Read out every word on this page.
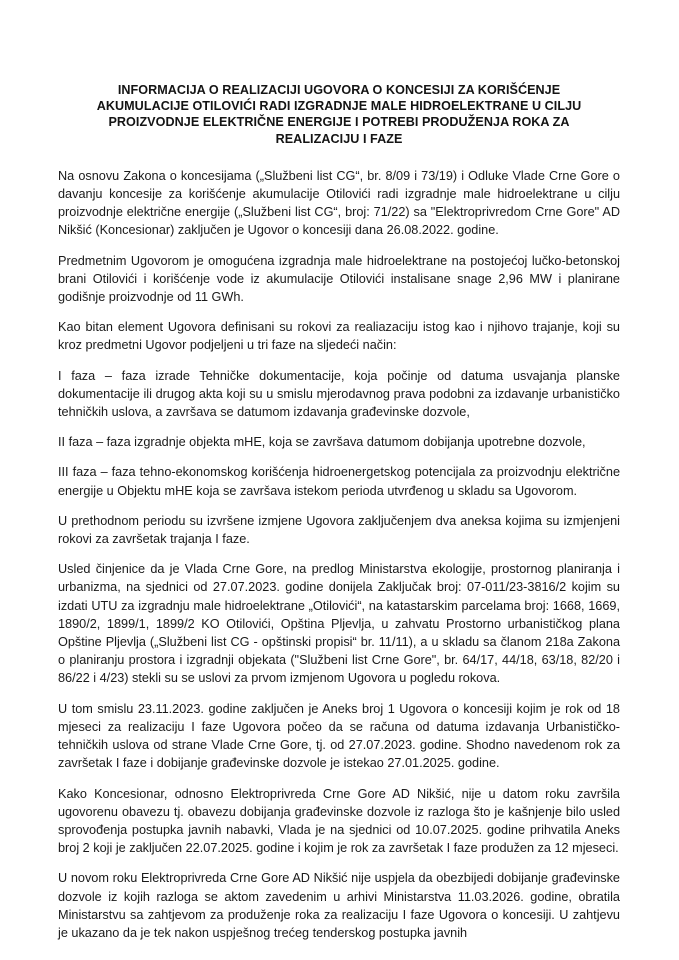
INFORMACIJA O REALIZACIJI UGOVORA O KONCESIJI ZA KORIŠĆENJE
AKUMULACIJE OTILOVIĆI RADI IZGRADNJE MALE HIDROELEKTRANE U CILJU
PROIZVODNJE ELEKTRIČNE ENERGIJE I POTREBI PRODUŽENJA ROKA ZA
REALIZACIJU I FAZE

Na osnovu Zakona o koncesijama („Službeni list CG“, br. 8/09 i 73/19) i Odluke Vlade Crne Gore o davanju koncesije za korišćenje akumulacije Otilovići radi izgradnje male hidroelektrane u cilju proizvodnje električne energije („Službeni list CG“, broj: 71/22) sa "Elektroprivredom Crne Gore" AD Nikšić (Koncesionar) zaključen je Ugovor o koncesiji dana 26.08.2022. godine.

Predmetnim Ugovorom je omogućena izgradnja male hidroelektrane na postojećoj lučko-betonskoj brani Otilovići i korišćenje vode iz akumulacije Otilovići instalisane snage 2,96 MW i planirane godišnje proizvodnje od 11 GWh.

Kao bitan element Ugovora definisani su rokovi za realiazaciju istog kao i njihovo trajanje, koji su kroz predmetni Ugovor podjeljeni u tri faze na sljedeći način:

I faza – faza izrade Tehničke dokumentacije, koja počinje od datuma usvajanja planske dokumentacije ili drugog akta koji su u smislu mjerodavnog prava podobni za izdavanje urbanističko tehničkih uslova, a završava se datumom izdavanja građevinske dozvole,

II faza – faza izgradnje objekta mHE, koja se završava datumom dobijanja upotrebne dozvole,

III faza – faza tehno-ekonomskog korišćenja hidroenergetskog potencijala za proizvodnju električne energije u Objektu mHE koja se završava istekom perioda utvrđenog u skladu sa Ugovorom.

U prethodnom periodu su izvršene izmjene Ugovora zaključenjem dva aneksa kojima su izmjenjeni rokovi za završetak trajanja I faze.

Usled činjenice da je Vlada Crne Gore, na predlog Ministarstva ekologije, prostornog planiranja i urbanizma, na sjednici od 27.07.2023. godine donijela Zaključak broj: 07-011/23-3816/2 kojim su izdati UTU za izgradnju male hidroelektrane „Otilovići“, na katastarskim parcelama broj: 1668, 1669, 1890/2, 1899/1, 1899/2 KO Otilovići, Opština Pljevlja, u zahvatu Prostorno urbanističkog plana Opštine Pljevlja („Službeni list CG - opštinski propisi“ br. 11/11), a u skladu sa članom 218a Zakona o planiranju prostora i izgradnji objekata ("Službeni list Crne Gore", br. 64/17, 44/18, 63/18, 82/20 i 86/22 i 4/23) stekli su se uslovi za prvom izmjenom Ugovora u pogledu rokova.

U tom smislu 23.11.2023. godine zaključen je Aneks broj 1 Ugovora o koncesiji kojim je rok od 18 mjeseci za realizaciju I faze Ugovora počeo da se računa od datuma izdavanja Urbanističko-tehničkih uslova od strane Vlade Crne Gore, tj. od 27.07.2023. godine. Shodno navedenom rok za završetak I faze i dobijanje građevinske dozvole je istekao 27.01.2025. godine.

Kako Koncesionar, odnosno Elektroprivreda Crne Gore AD Nikšić, nije u datom roku završila ugovorenu obavezu tj. obavezu dobijanja građevinske dozvole iz razloga što je kašnjenje bilo usled sprovođenja postupka javnih nabavki, Vlada je na sjednici od 10.07.2025. godine prihvatila Aneks broj 2 koji je zaključen 22.07.2025. godine i kojim je rok za završetak I faze produžen za 12 mjeseci.

U novom roku Elektroprivreda Crne Gore AD Nikšić nije uspjela da obezbijedi dobijanje građevinske dozvole iz kojih razloga se aktom zavedenim u arhivi Ministarstva 11.03.2026. godine, obratila Ministarstvu sa zahtjevom za produženje roka za realizaciju I faze Ugovora o koncesiji. U zahtjevu je ukazano da je tek nakon uspješnog trećeg tenderskog postupka javnih
